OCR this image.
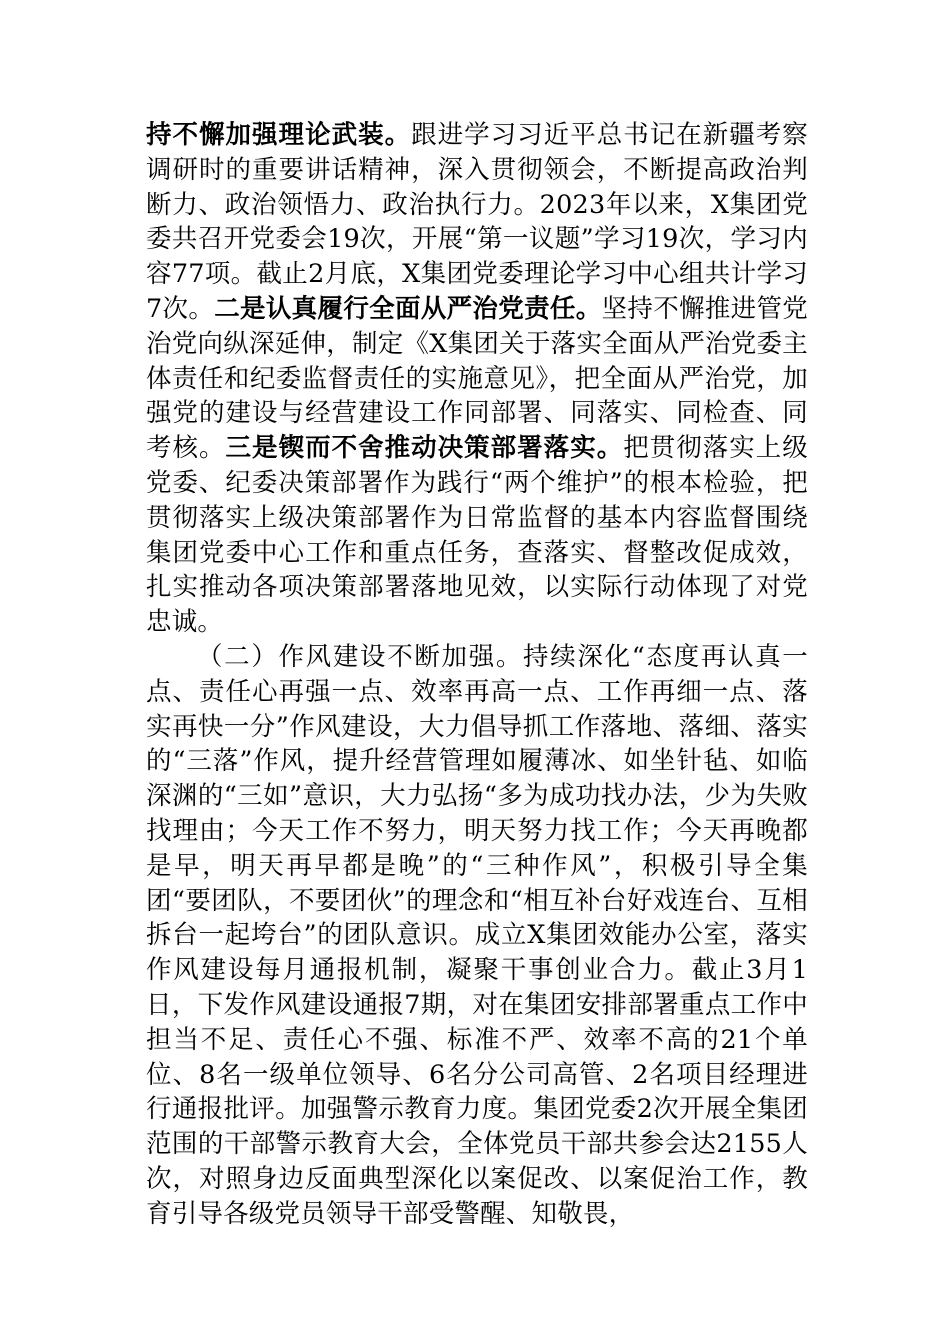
持不懈加强理论武装。跟进学习习近平总书记在新疆考察调研时的重要讲话精神，深入贯彻领会，不断提高政治判断力、政治领悟力、政治执行力。2023年以来，X集团党委共召开党委会19次，开展“第一议题”学习19次，学习内容77项。截止2月底，X集团党委理论学习中心组共计学习7次。二是认真履行全面从严治党责任。坚持不懈推进管党治党向纵深延伸，制定《X集团关于落实全面从严治党委主体责任和纪委监督责任的实施意见》，把全面从严治党，加强党的建设与经营建设工作同部署、同落实、同检查、同考核。三是锲而不舍推动决策部署落实。把贯彻落实上级党委、纪委决策部署作为践行“两个维护”的根本检验，把贯彻落实上级决策部署作为日常监督的基本内容监督围绕集团党委中心工作和重点任务，查落实、督整改促成效，扎实推动各项决策部署落地见效，以实际行动体现了对党忠诚。

（二）作风建设不断加强。持续深化“态度再认真一点、责任心再强一点、效率再高一点、工作再细一点、落实再快一分”作风建设，大力倡导抓工作落地、落细、落实的“三落”作风，提升经营管理如履薄冰、如坐针毡、如临深渊的“三如”意识，大力弘扬“多为成功找办法，少为失败找理由；今天工作不努力，明天努力找工作；今天再晚都是早，明天再早都是晚”的“三种作风”，积极引导全集团“要团队，不要团伙”的理念和“相互补台好戏连台、互相拆台一起垮台”的团队意识。成立X集团效能办公室，落实作风建设每月通报机制，凝聚干事创业合力。截止3月1日，下发作风建设通报7期，对在集团安排部署重点工作中担当不足、责任心不强、标准不严、效率不高的21个单位、8名一级单位领导、6名分公司高管、2名项目经理进行通报批评。加强警示教育力度。集团党委2次开展全集团范围的干部警示教育大会，全体党员干部共参会达2155人次，对照身边反面典型深化以案促改、以案促治工作，教育引导各级党员领导干部受警醒、知敬畏，
